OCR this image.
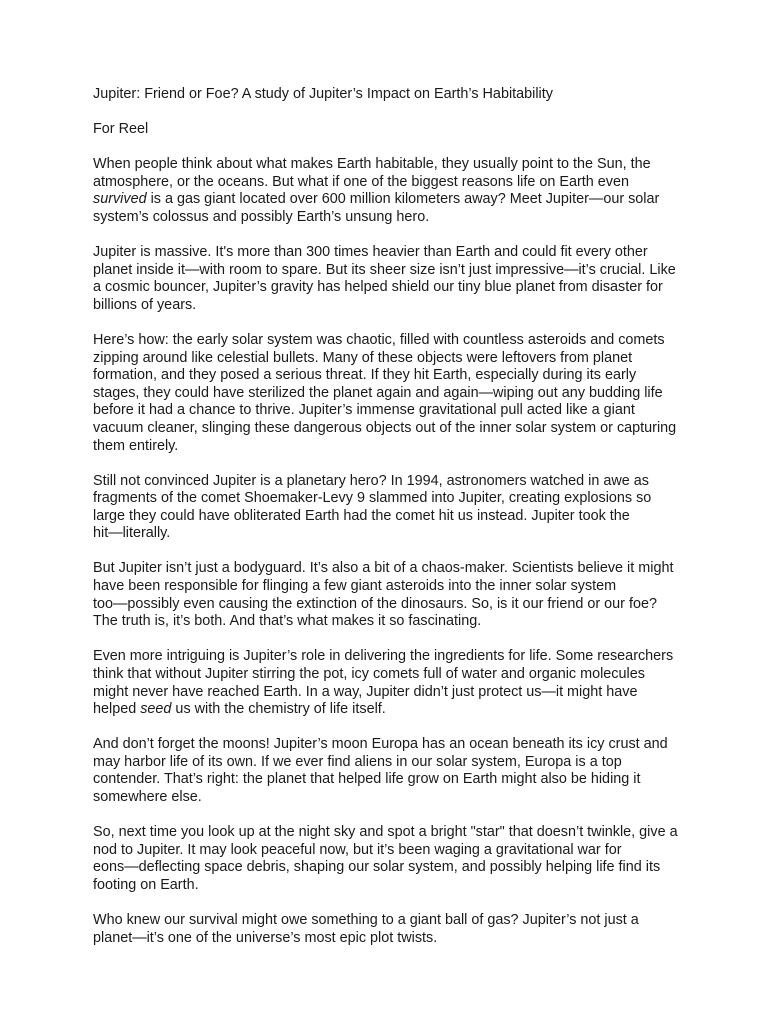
Jupiter: Friend or Foe? A study of Jupiter’s Impact on Earth’s Habitability

For Reel

When people think about what makes Earth habitable, they usually point to the Sun, the

atmosphere, or the oceans. But what if one of the biggest reasons life on Earth even

survived is a gas giant located over 600 million kilometers away? Meet Jupiter—our solar

system’s colossus and possibly Earth’s unsung hero.

Jupiter is massive. It's more than 300 times heavier than Earth and could fit every other

planet inside it—with room to spare. But its sheer size isn’t just impressive—it’s crucial. Like

a cosmic bouncer, Jupiter’s gravity has helped shield our tiny blue planet from disaster for

billions of years.

Here’s how: the early solar system was chaotic, filled with countless asteroids and comets

zipping around like celestial bullets. Many of these objects were leftovers from planet

formation, and they posed a serious threat. If they hit Earth, especially during its early

stages, they could have sterilized the planet again and again—wiping out any budding life

before it had a chance to thrive. Jupiter’s immense gravitational pull acted like a giant

vacuum cleaner, slinging these dangerous objects out of the inner solar system or capturing

them entirely.

Still not convinced Jupiter is a planetary hero? In 1994, astronomers watched in awe as

fragments of the comet Shoemaker-Levy 9 slammed into Jupiter, creating explosions so

large they could have obliterated Earth had the comet hit us instead. Jupiter took the

hit—literally.

But Jupiter isn’t just a bodyguard. It’s also a bit of a chaos-maker. Scientists believe it might

have been responsible for flinging a few giant asteroids into the inner solar system

too—possibly even causing the extinction of the dinosaurs. So, is it our friend or our foe?

The truth is, it’s both. And that’s what makes it so fascinating.

Even more intriguing is Jupiter’s role in delivering the ingredients for life. Some researchers

think that without Jupiter stirring the pot, icy comets full of water and organic molecules

might never have reached Earth. In a way, Jupiter didn’t just protect us—it might have

helped seed us with the chemistry of life itself.

And don’t forget the moons! Jupiter’s moon Europa has an ocean beneath its icy crust and

may harbor life of its own. If we ever find aliens in our solar system, Europa is a top

contender. That’s right: the planet that helped life grow on Earth might also be hiding it

somewhere else.

So, next time you look up at the night sky and spot a bright "star" that doesn’t twinkle, give a

nod to Jupiter. It may look peaceful now, but it’s been waging a gravitational war for

eons—deflecting space debris, shaping our solar system, and possibly helping life find its

footing on Earth.

Who knew our survival might owe something to a giant ball of gas? Jupiter’s not just a

planet—it’s one of the universe’s most epic plot twists.
